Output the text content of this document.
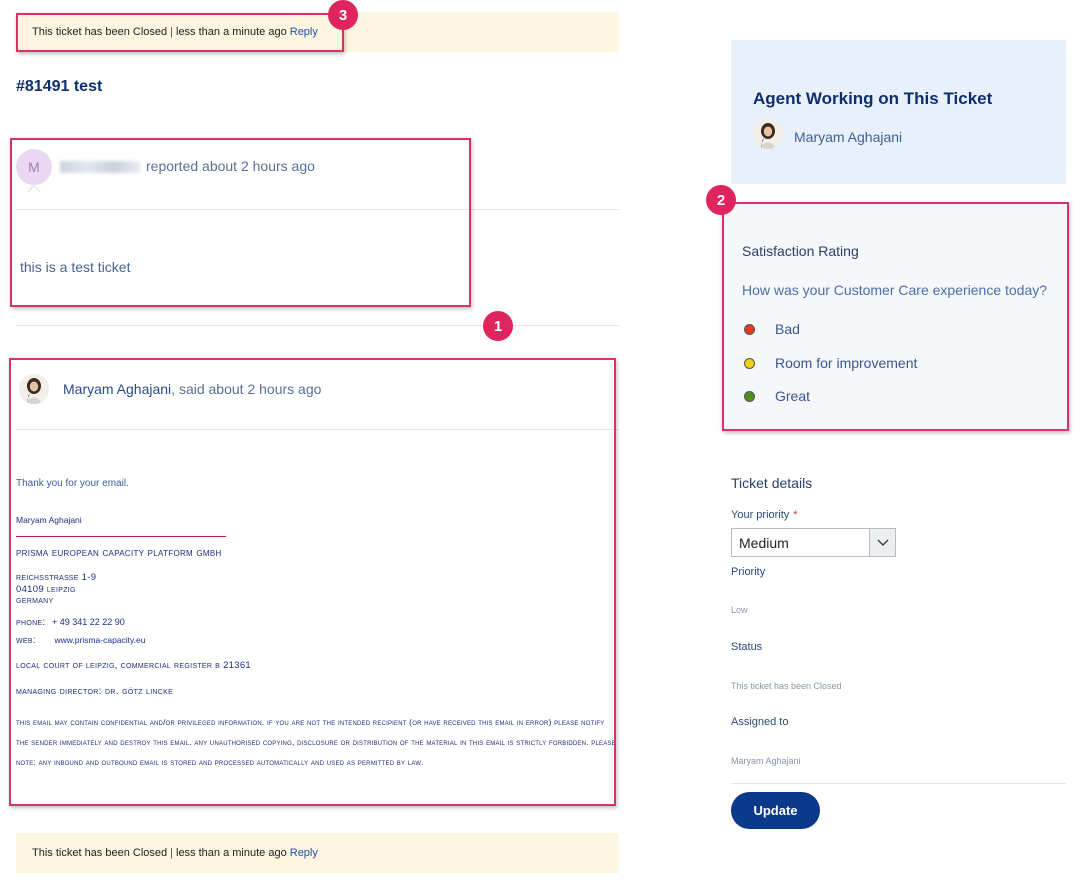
This ticket has been Closed | less than a minute ago
Reply
3
#81491 test
M	reported about 2 hours ago
this is a test ticket
1
Maryam Aghajani, said about 2 hours ago
Thank you for your email.
Maryam Aghajani
prisma european capacity platform gmbh
reichsstraße 1-9
04109 leipzig
germany
phone: + 49 341 22 22 90
web: www.prisma-capacity.eu
local court of leipzig, commercial register b 21361
managing director: dr. götz lincke
this email may contain confidential and/or privileged information. if you are not the intended recipient (or have received this email in error) please notify the sender immediately and destroy this email. any unauthorised copying, disclosure or distribution of the material in this email is strictly forbidden. please note: any inbound and outbound email is stored and processed automatically and used as permitted by law.
This ticket has been Closed | less than a minute ago
Reply
Agent Working on This Ticket
Maryam Aghajani
Satisfaction Rating
How was your Customer Care experience today?
Bad
Room for improvement
Great
2
Ticket details
Your priority *
Medium
Priority
Low
Status
This ticket has been Closed
Assigned to
Maryam Aghajani
Update
